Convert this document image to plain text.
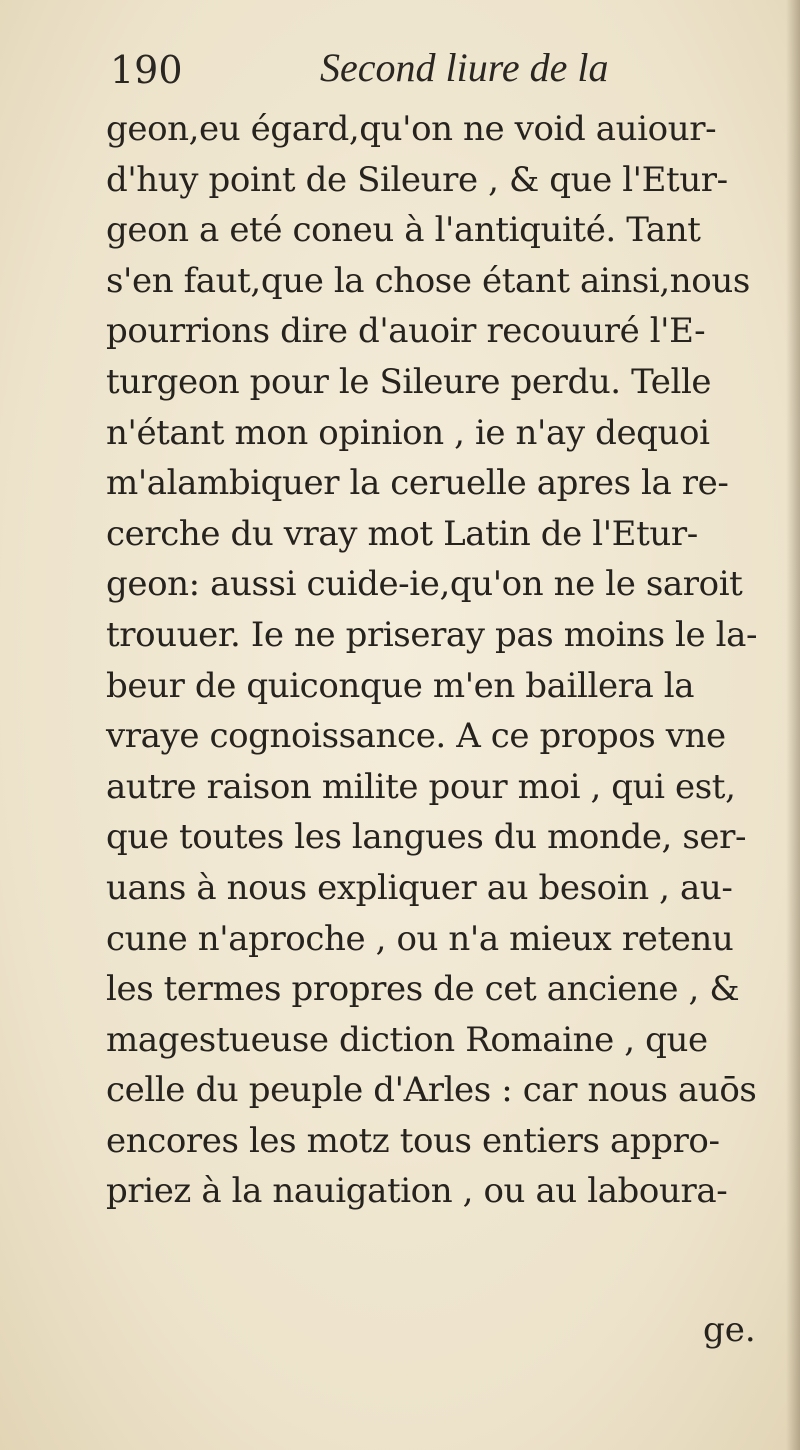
190	Second liure de la
geon,eu égard,qu'on ne void auiour-
d'huy point de Sileure , & que l'Etur-
geon a eté coneu à l'antiquité. Tant
s'en faut,que la chose étant ainsi,nous
pourrions dire d'auoir recouuré l'E-
turgeon pour le Sileure perdu. Telle
n'étant mon opinion , ie n'ay dequoi
m'alambiquer la ceruelle apres la re-
cerche du vray mot Latin de l'Etur-
geon: aussi cuide-ie,qu'on ne le saroit
trouuer. Ie ne priseray pas moins le la-
beur de quiconque m'en baillera la
vraye cognoissance. A ce propos vne
autre raison milite pour moi , qui est,
que toutes les langues du monde, ser-
uans à nous expliquer au besoin , au-
cune n'aproche , ou n'a mieux retenu
les termes propres de cet anciene , &
magestueuse diction Romaine , que
celle du peuple d'Arles : car nous auōs
encores les motz tous entiers appro-
priez à la nauigation , ou au laboura-
ge.
